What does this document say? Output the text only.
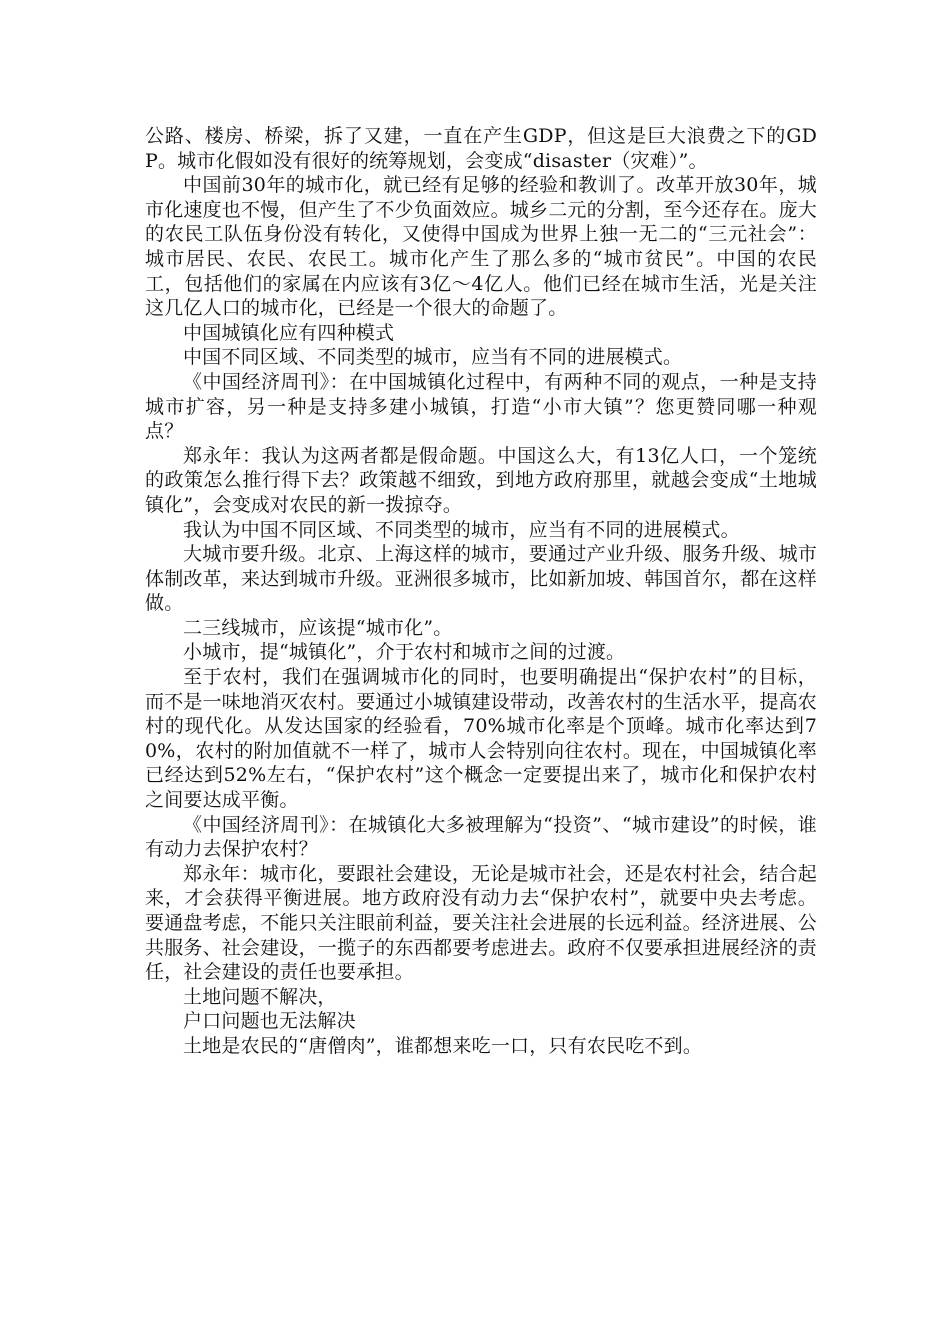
公路、楼房、桥梁，拆了又建，一直在产生GDP，但这是巨大浪费之下的GDP。城市化假如没有很好的统筹规划，会变成“disaster（灾难）”。

中国前30年的城市化，就已经有足够的经验和教训了。改革开放30年，城市化速度也不慢，但产生了不少负面效应。城乡二元的分割，至今还存在。庞大的农民工队伍身份没有转化，又使得中国成为世界上独一无二的“三元社会”：城市居民、农民、农民工。城市化产生了那么多的“城市贫民”。中国的农民工，包括他们的家属在内应该有3亿～4亿人。他们已经在城市生活，光是关注这几亿人口的城市化，已经是一个很大的命题了。

中国城镇化应有四种模式

中国不同区域、不同类型的城市，应当有不同的进展模式。

《中国经济周刊》：在中国城镇化过程中，有两种不同的观点，一种是支持城市扩容，另一种是支持多建小城镇，打造“小市大镇”？您更赞同哪一种观点？

郑永年：我认为这两者都是假命题。中国这么大，有13亿人口，一个笼统的政策怎么推行得下去？政策越不细致，到地方政府那里，就越会变成“土地城镇化”，会变成对农民的新一拨掠夺。

我认为中国不同区域、不同类型的城市，应当有不同的进展模式。

大城市要升级。北京、上海这样的城市，要通过产业升级、服务升级、城市体制改革，来达到城市升级。亚洲很多城市，比如新加坡、韩国首尔，都在这样做。

二三线城市，应该提“城市化”。

小城市，提“城镇化”，介于农村和城市之间的过渡。

至于农村，我们在强调城市化的同时，也要明确提出“保护农村”的目标，而不是一味地消灭农村。要通过小城镇建设带动，改善农村的生活水平，提高农村的现代化。从发达国家的经验看，70%城市化率是个顶峰。城市化率达到70%，农村的附加值就不一样了，城市人会特别向往农村。现在，中国城镇化率已经达到52%左右，“保护农村”这个概念一定要提出来了，城市化和保护农村之间要达成平衡。

《中国经济周刊》：在城镇化大多被理解为“投资”、“城市建设”的时候，谁有动力去保护农村？

郑永年：城市化，要跟社会建设，无论是城市社会，还是农村社会，结合起来，才会获得平衡进展。地方政府没有动力去“保护农村”，就要中央去考虑。要通盘考虑，不能只关注眼前利益，要关注社会进展的长远利益。经济进展、公共服务、社会建设，一揽子的东西都要考虑进去。政府不仅要承担进展经济的责任，社会建设的责任也要承担。

土地问题不解决，

户口问题也无法解决

土地是农民的“唐僧肉”，谁都想来吃一口，只有农民吃不到。
